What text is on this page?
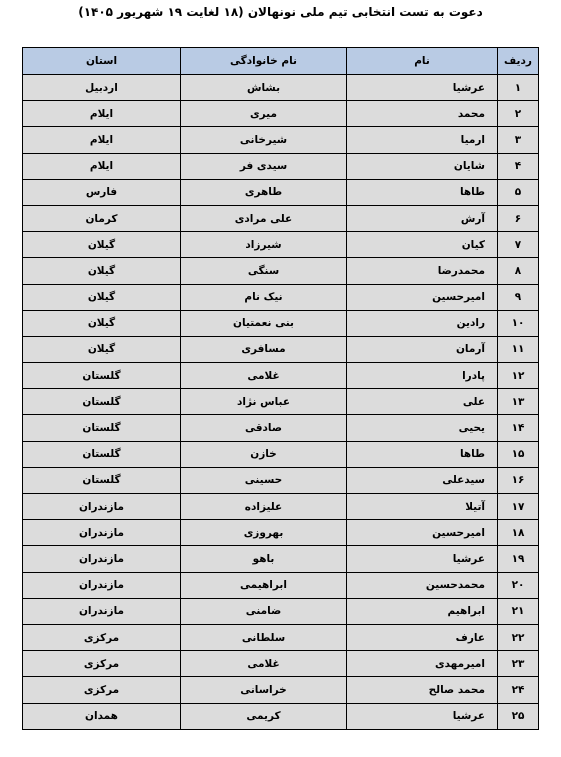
دعوت به تست انتخابی تیم ملی نونهالان (۱۸ لغایت ۱۹ شهریور ۱۴۰۵)
ردیف	نام	نام خانوادگی	استان
۱	عرشیا	بشاش	اردبیل
۲	محمد	میری	ایلام
۳	ارمیا	شیرخانی	ایلام
۴	شایان	سیدی فر	ایلام
۵	طاها	طاهری	فارس
۶	آرش	علی مرادی	کرمان
۷	کیان	شیرزاد	گیلان
۸	محمدرضا	سنگی	گیلان
۹	امیرحسین	نیک نام	گیلان
۱۰	رادین	بنی نعمتیان	گیلان
۱۱	آرمان	مسافری	گیلان
۱۲	پادرا	غلامی	گلستان
۱۳	علی	عباس نژاد	گلستان
۱۴	یحیی	صادقی	گلستان
۱۵	طاها	خازن	گلستان
۱۶	سیدعلی	حسینی	گلستان
۱۷	آتیلا	علیزاده	مازندران
۱۸	امیرحسین	بهروزی	مازندران
۱۹	عرشیا	باهو	مازندران
۲۰	محمدحسین	ابراهیمی	مازندران
۲۱	ابراهیم	ضامنی	مازندران
۲۲	عارف	سلطانی	مرکزی
۲۳	امیرمهدی	غلامی	مرکزی
۲۴	محمد صالح	خراسانی	مرکزی
۲۵	عرشیا	کریمی	همدان
